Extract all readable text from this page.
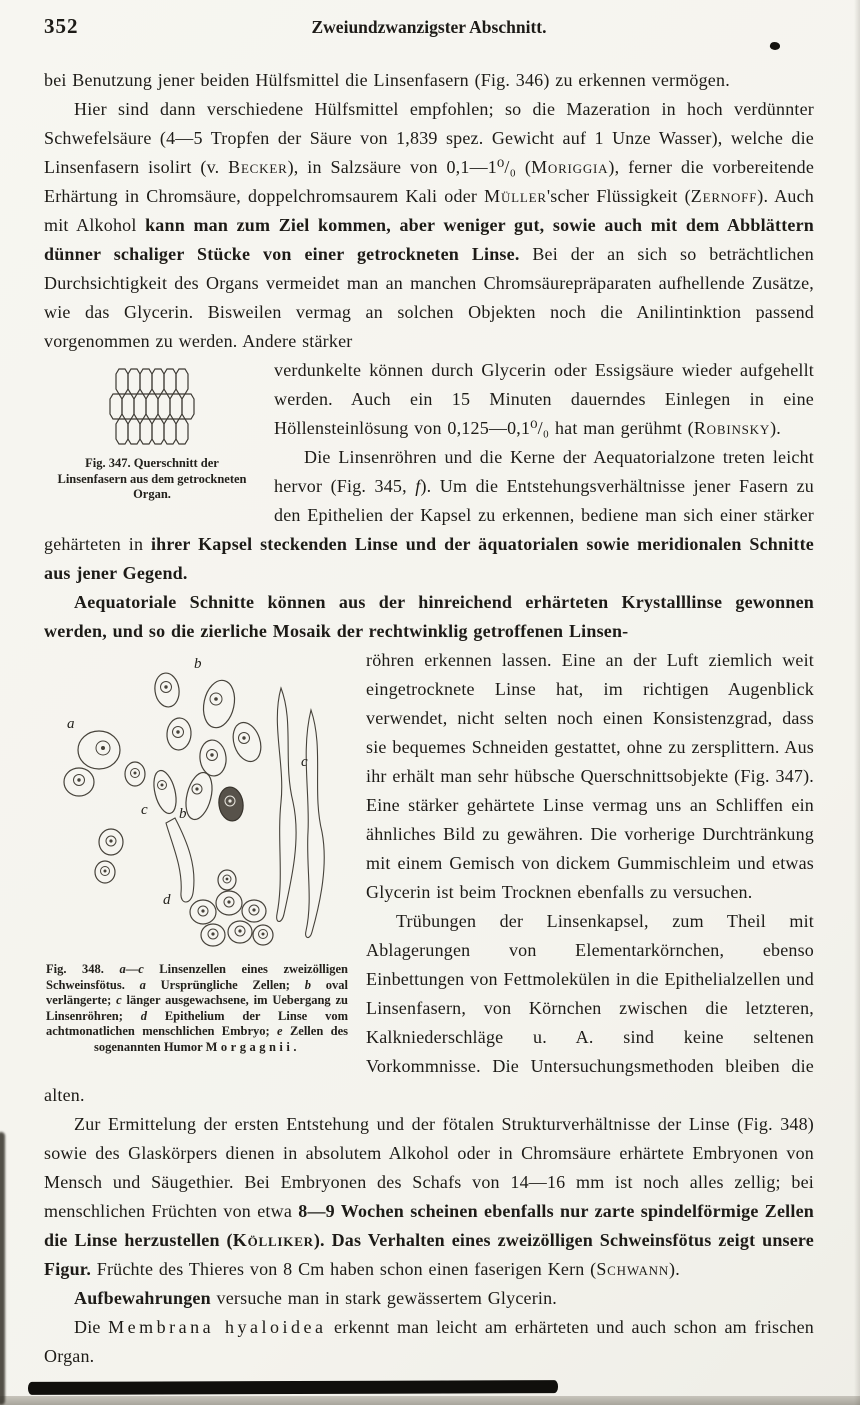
352	Zweiundzwanzigster Abschnitt.

bei Benutzung jener beiden Hülfsmittel die Linsenfasern (Fig. 346) zu erkennen vermögen.

Hier sind dann verschiedene Hülfsmittel empfohlen; so die Mazeration in hoch verdünnter Schwefelsäure (4—5 Tropfen der Säure von 1,839 spez. Gewicht auf 1 Unze Wasser), welche die Linsenfasern isolirt (v. Becker), in Salzsäure von 0,1—1⁰/₀ (Moriggia), ferner die vorbereitende Erhärtung in Chromsäure, doppelchromsaurem Kali oder Müller'scher Flüssigkeit (Zernoff). Auch mit Alkohol kann man zum Ziel kommen, aber weniger gut, sowie auch mit dem Abblättern dünner schaliger Stücke von einer getrockneten Linse. Bei der an sich so beträchtlichen Durchsichtigkeit des Organs vermeidet man an manchen Chromsäurepräparaten aufhellende Zusätze, wie das Glycerin. Bisweilen vermag an solchen Objekten noch die Anilintinktion passend vorgenommen zu werden. Andere stärker

Fig. 347. Querschnitt der Linsenfasern aus dem getrockneten Organ.

verdunkelte können durch Glycerin oder Essigsäure wieder aufgehellt werden. Auch ein 15 Minuten dauerndes Einlegen in eine Höllensteinlösung von 0,125—0,1⁰/₀ hat man gerühmt (Robinsky).

Die Linsenröhren und die Kerne der Aequatorialzone treten leicht hervor (Fig. 345, f). Um die Entstehungsverhältnisse jener Fasern zu den Epithelien der Kapsel zu erkennen, bediene man sich einer stärker gehärteten in ihrer Kapsel steckenden Linse und der äquatorialen sowie meridionalen Schnitte aus jener Gegend.

Aequatoriale Schnitte können aus der hinreichend erhärteten Krystalllinse gewonnen werden, und so die zierliche Mosaik der rechtwinklig getroffenen Linsen-

b
a
c
c b
d
Fig. 348. a—c Linsenzellen eines zweizölligen Schweinsfötus. a Ursprüngliche Zellen; b oval verlängerte; c länger ausgewachsene, im Uebergang zu Linsenröhren; d Epithelium der Linse vom achtmonatlichen menschlichen Embryo; e Zellen des sogenannten Humor Morgagnii.

röhren erkennen lassen. Eine an der Luft ziemlich weit eingetrocknete Linse hat, im richtigen Augenblick verwendet, nicht selten noch einen Konsistenzgrad, dass sie bequemes Schneiden gestattet, ohne zu zersplittern. Aus ihr erhält man sehr hübsche Querschnittsobjekte (Fig. 347). Eine stärker gehärtete Linse vermag uns an Schliffen ein ähnliches Bild zu gewähren. Die vorherige Durchtränkung mit einem Gemisch von dickem Gummischleim und etwas Glycerin ist beim Trocknen ebenfalls zu versuchen.

Trübungen der Linsenkapsel, zum Theil mit Ablagerungen von Elementarkörnchen, ebenso Einbettungen von Fettmolekülen in die Epithelialzellen und Linsenfasern, von Körnchen zwischen die letzteren, Kalkniederschläge u. A. sind keine seltenen Vorkommnisse. Die Untersuchungsmethoden bleiben die alten.

Zur Ermittelung der ersten Entstehung und der fötalen Strukturverhältnisse der Linse (Fig. 348) sowie des Glaskörpers dienen in absolutem Alkohol oder in Chromsäure erhärtete Embryonen von Mensch und Säugethier. Bei Embryonen des Schafs von 14—16 mm ist noch alles zellig; bei menschlichen Früchten von etwa 8—9 Wochen scheinen ebenfalls nur zarte spindelförmige Zellen die Linse herzustellen (Kölliker). Das Verhalten eines zweizölligen Schweinsfötus zeigt unsere Figur. Früchte des Thieres von 8 Cm haben schon einen faserigen Kern (Schwann).

Aufbewahrungen versuche man in stark gewässertem Glycerin.

Die Membrana hyaloidea erkennt man leicht am erhärteten und auch schon am frischen Organ.
